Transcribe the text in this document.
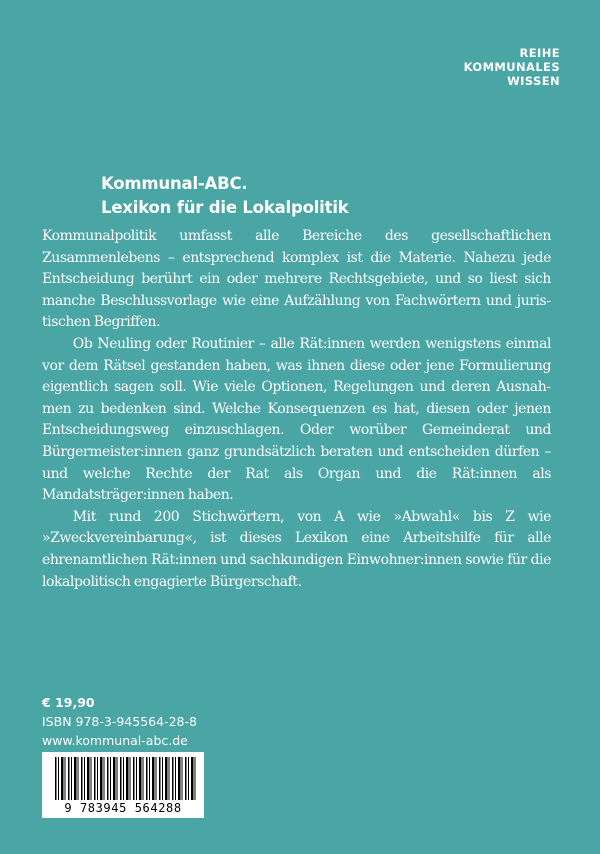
REIHE
KOMMUNALES
WISSEN
Kommunal-ABC.
Lexikon für die Lokalpolitik

Kommunalpolitik umfasst alle Bereiche des gesellschaftlichen Zusammenlebens – entsprechend komplex ist die Materie. Nahezu jede Entscheidung berührt ein oder mehrere Rechtsgebiete, und so liest sich manche Beschlussvorlage wie eine Aufzählung von Fachwörtern und juristischen Begriffen.

Ob Neuling oder Routinier – alle Rät:innen werden wenigstens einmal vor dem Rätsel gestanden haben, was ihnen diese oder jene Formulierung eigentlich sagen soll. Wie viele Optionen, Regelungen und deren Ausnahmen zu bedenken sind. Welche Konsequenzen es hat, diesen oder jenen Entscheidungsweg einzuschlagen. Oder worüber Gemeinderat und Bürgermeister:innen ganz grundsätzlich beraten und entscheiden dürfen – und welche Rechte der Rat als Organ und die Rät:innen als Mandatsträger:innen haben.

Mit rund 200 Stichwörtern, von A wie »Abwahl« bis Z wie »Zweckvereinbarung«, ist dieses Lexikon eine Arbeitshilfe für alle ehrenamtlichen Rät:innen und sachkundigen Einwohner:innen sowie für die lokalpolitisch engagierte Bürgerschaft.

€ 19,90
ISBN 978-3-945564-28-8
www.kommunal-abc.de
9 783945 564288
